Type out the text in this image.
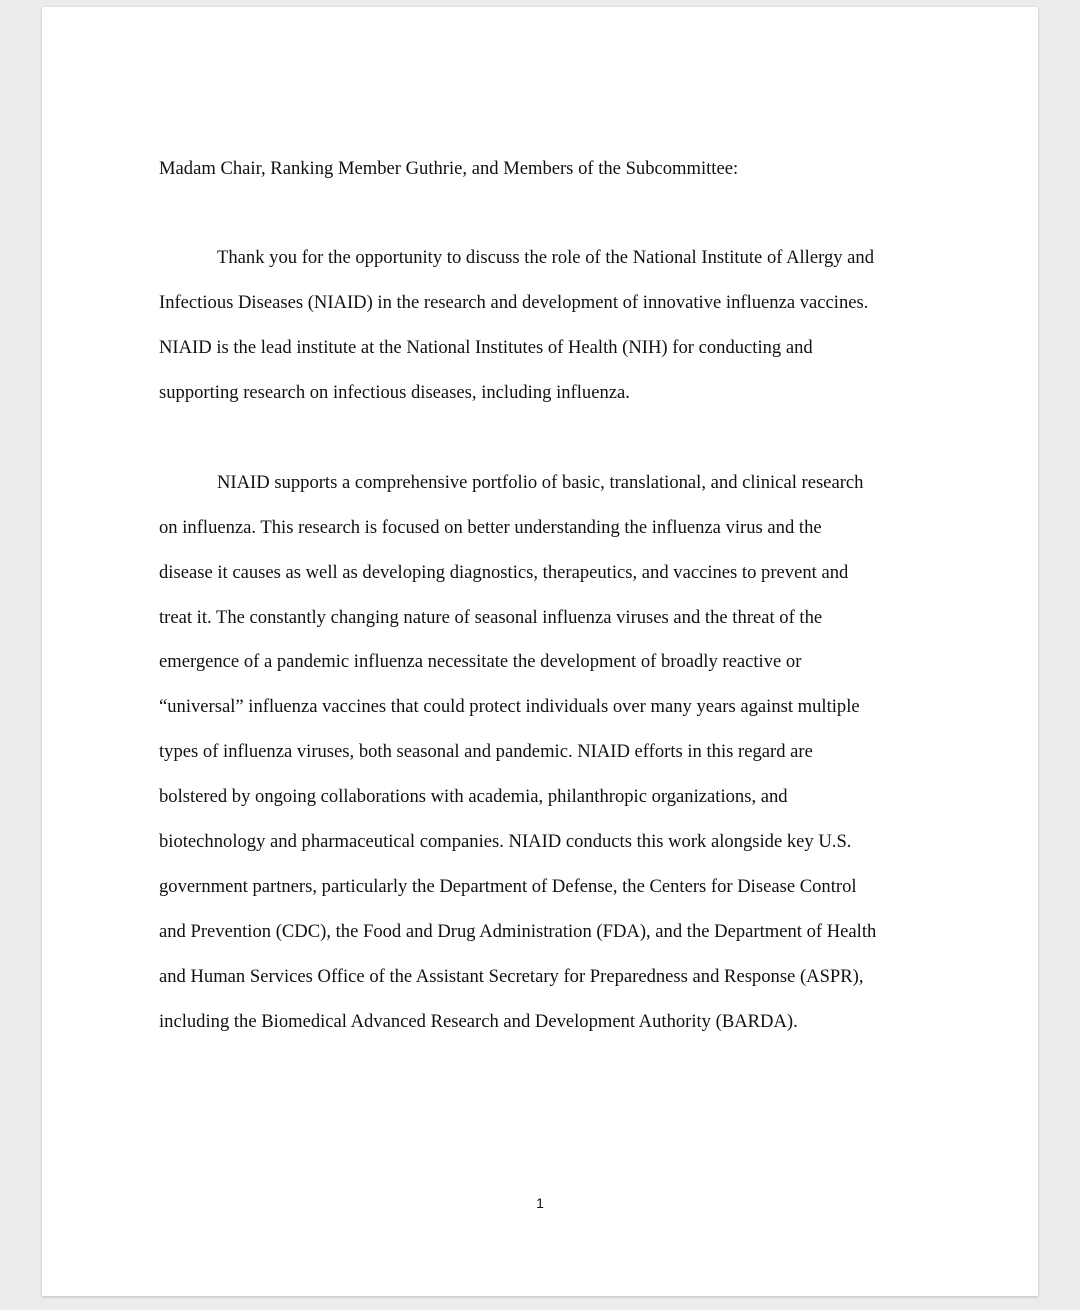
Madam Chair, Ranking Member Guthrie, and Members of the Subcommittee:

Thank you for the opportunity to discuss the role of the National Institute of Allergy and

Infectious Diseases (NIAID) in the research and development of innovative influenza vaccines.

NIAID is the lead institute at the National Institutes of Health (NIH) for conducting and

supporting research on infectious diseases, including influenza.

NIAID supports a comprehensive portfolio of basic, translational, and clinical research

on influenza. This research is focused on better understanding the influenza virus and the

disease it causes as well as developing diagnostics, therapeutics, and vaccines to prevent and

treat it. The constantly changing nature of seasonal influenza viruses and the threat of the

emergence of a pandemic influenza necessitate the development of broadly reactive or

“universal” influenza vaccines that could protect individuals over many years against multiple

types of influenza viruses, both seasonal and pandemic. NIAID efforts in this regard are

bolstered by ongoing collaborations with academia, philanthropic organizations, and

biotechnology and pharmaceutical companies. NIAID conducts this work alongside key U.S.

government partners, particularly the Department of Defense, the Centers for Disease Control

and Prevention (CDC), the Food and Drug Administration (FDA), and the Department of Health

and Human Services Office of the Assistant Secretary for Preparedness and Response (ASPR),

including the Biomedical Advanced Research and Development Authority (BARDA).

1
